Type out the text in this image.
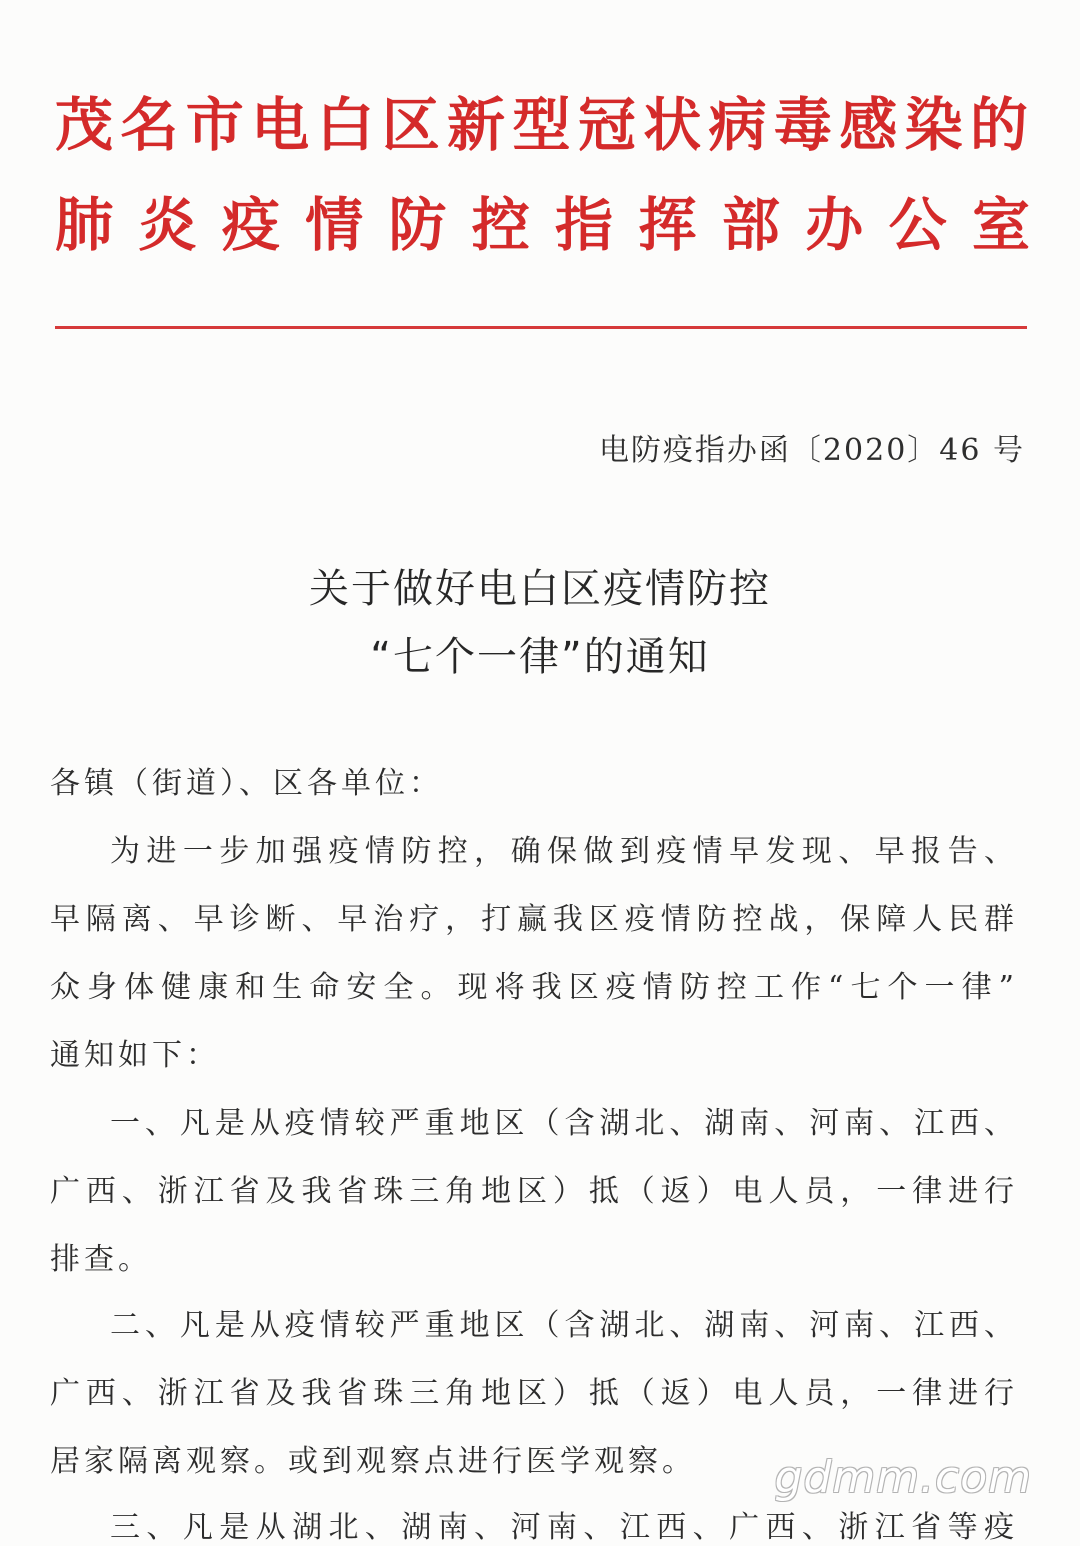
茂名市电白区新型冠状病毒感染的
肺炎疫情防控指挥部办公室
电防疫指办函〔2020〕46 号
关于做好电白区疫情防控
“七个一律”的通知
各镇（街道）、区各单位：
为进一步加强疫情防控，确保做到疫情早发现、早报告、
早隔离、早诊断、早治疗，打赢我区疫情防控战，保障人民群
众身体健康和生命安全。现将我区疫情防控工作“七个一律”
通知如下：
一、凡是从疫情较严重地区（含湖北、湖南、河南、江西、
广西、浙江省及我省珠三角地区）抵（返）电人员，一律进行
排查。
二、凡是从疫情较严重地区（含湖北、湖南、河南、江西、
广西、浙江省及我省珠三角地区）抵（返）电人员，一律进行
居家隔离观察。或到观察点进行医学观察。
三、凡是从湖北、湖南、河南、江西、广西、浙江省等疫
gdmm.com
